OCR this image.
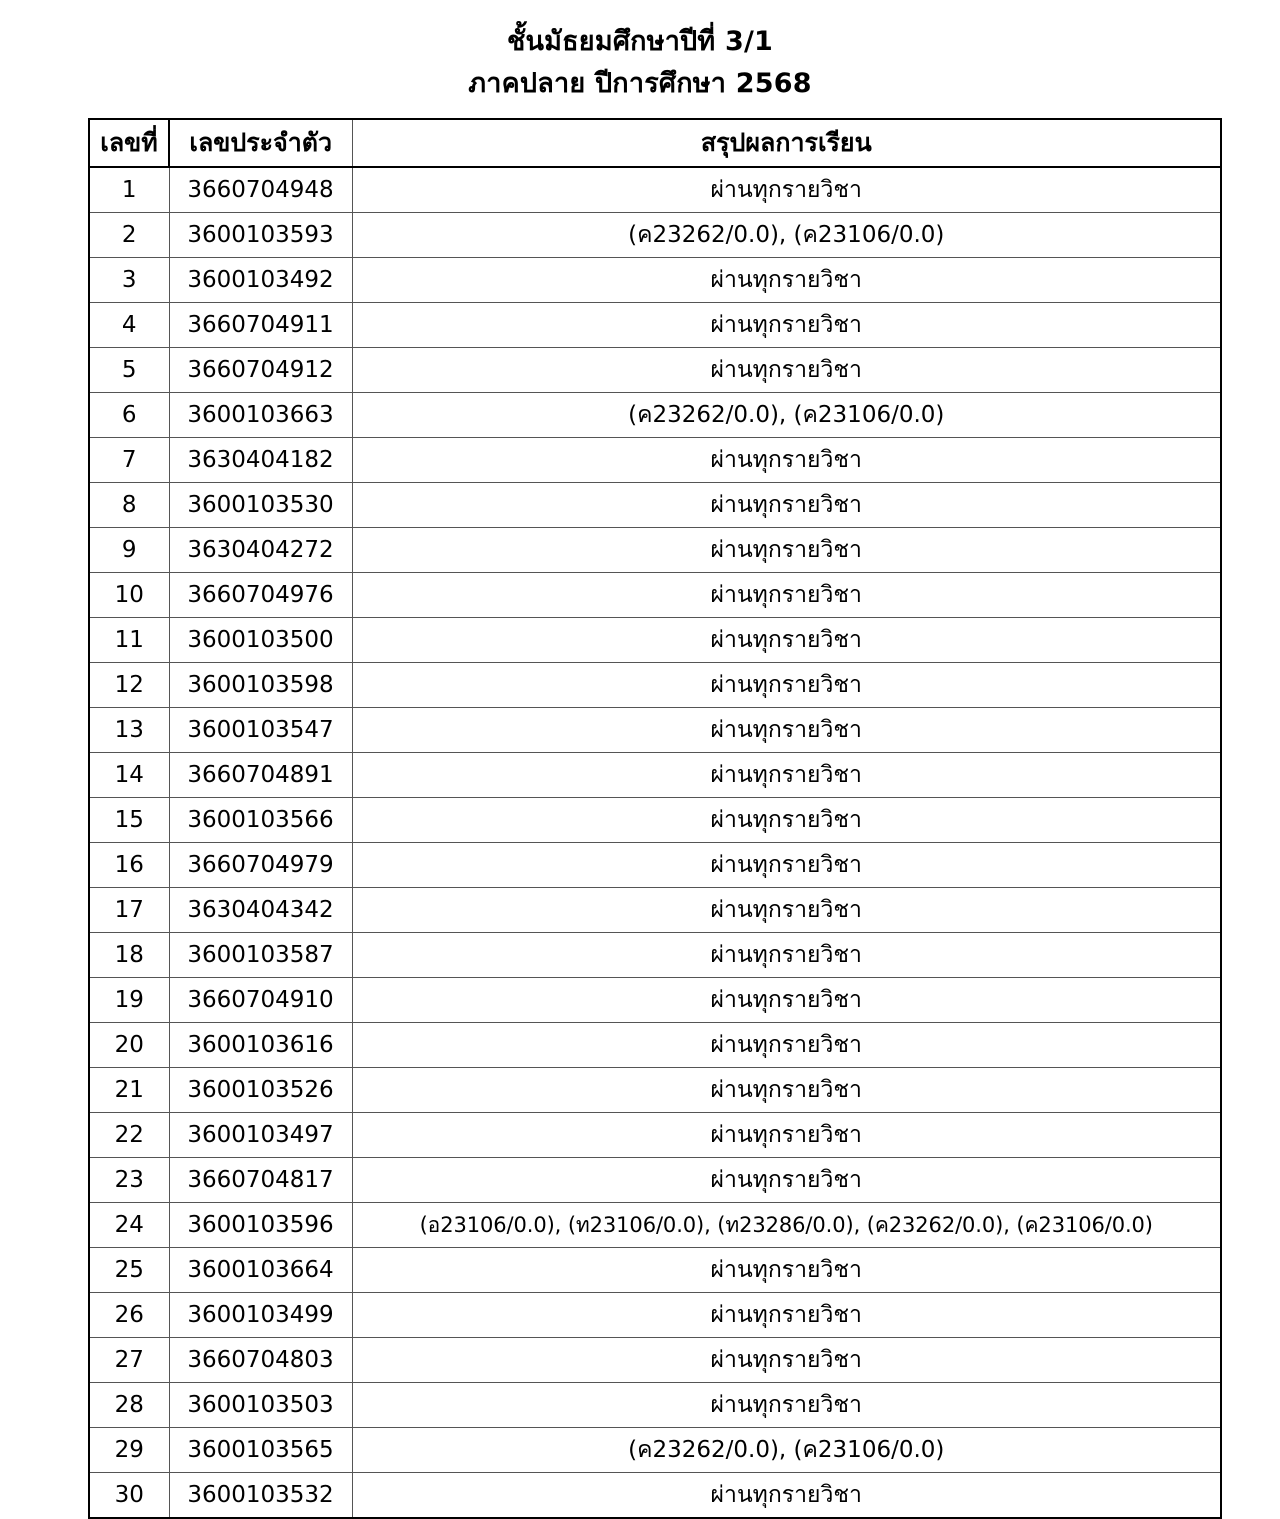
ชั้นมัธยมศึกษาปีที่ 3/1
ภาคปลาย ปีการศึกษา 2568
เลขที่	เลขประจำตัว	สรุปผลการเรียน
1	3660704948	ผ่านทุกรายวิชา
2	3600103593	(ค23262/0.0), (ค23106/0.0)
3	3600103492	ผ่านทุกรายวิชา
4	3660704911	ผ่านทุกรายวิชา
5	3660704912	ผ่านทุกรายวิชา
6	3600103663	(ค23262/0.0), (ค23106/0.0)
7	3630404182	ผ่านทุกรายวิชา
8	3600103530	ผ่านทุกรายวิชา
9	3630404272	ผ่านทุกรายวิชา
10	3660704976	ผ่านทุกรายวิชา
11	3600103500	ผ่านทุกรายวิชา
12	3600103598	ผ่านทุกรายวิชา
13	3600103547	ผ่านทุกรายวิชา
14	3660704891	ผ่านทุกรายวิชา
15	3600103566	ผ่านทุกรายวิชา
16	3660704979	ผ่านทุกรายวิชา
17	3630404342	ผ่านทุกรายวิชา
18	3600103587	ผ่านทุกรายวิชา
19	3660704910	ผ่านทุกรายวิชา
20	3600103616	ผ่านทุกรายวิชา
21	3600103526	ผ่านทุกรายวิชา
22	3600103497	ผ่านทุกรายวิชา
23	3660704817	ผ่านทุกรายวิชา
24	3600103596	(อ23106/0.0), (ท23106/0.0), (ท23286/0.0), (ค23262/0.0), (ค23106/0.0)
25	3600103664	ผ่านทุกรายวิชา
26	3600103499	ผ่านทุกรายวิชา
27	3660704803	ผ่านทุกรายวิชา
28	3600103503	ผ่านทุกรายวิชา
29	3600103565	(ค23262/0.0), (ค23106/0.0)
30	3600103532	ผ่านทุกรายวิชา
